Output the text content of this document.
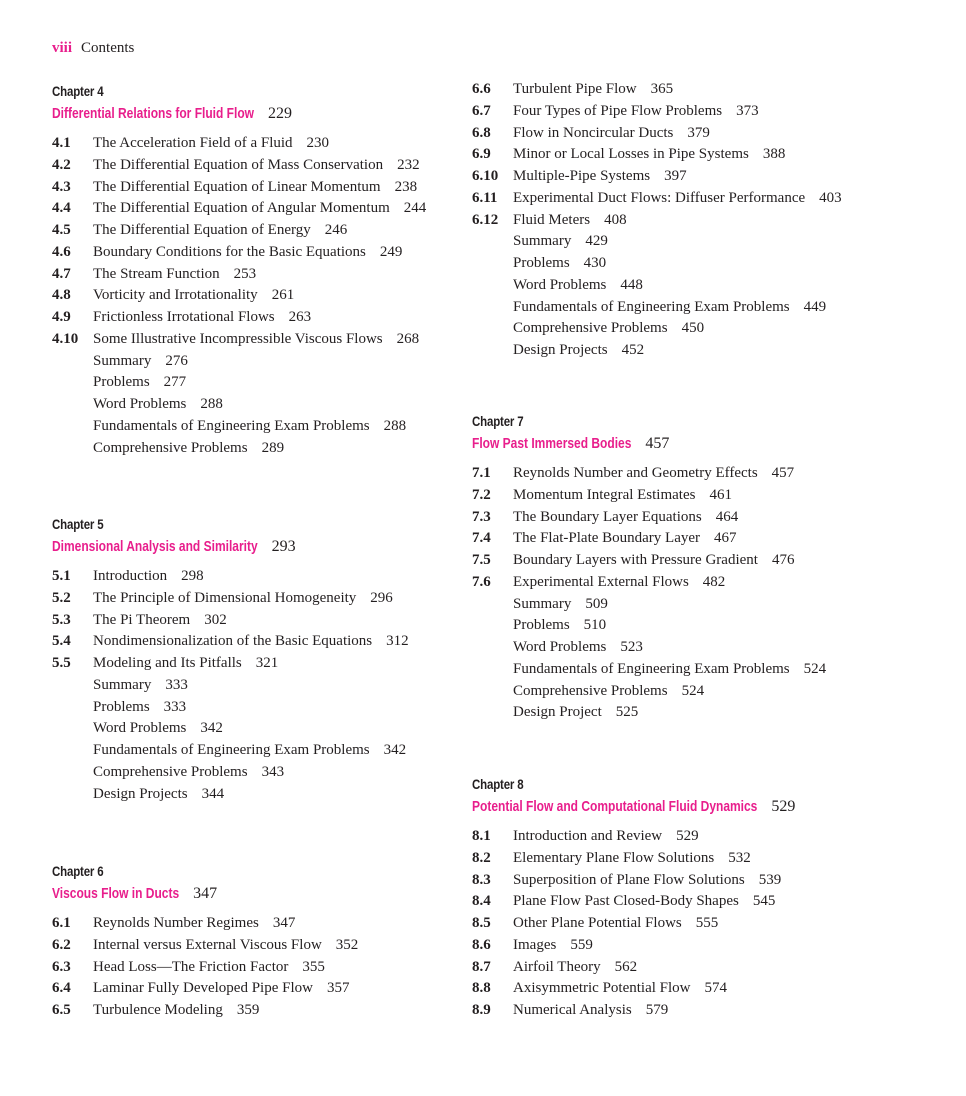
viii Contents
Chapter 4
Differential Relations for Fluid Flow 229
4.1 The Acceleration Field of a Fluid 230
4.2 The Differential Equation of Mass Conservation 232
4.3 The Differential Equation of Linear Momentum 238
4.4 The Differential Equation of Angular Momentum 244
4.5 The Differential Equation of Energy 246
4.6 Boundary Conditions for the Basic Equations 249
4.7 The Stream Function 253
4.8 Vorticity and Irrotationality 261
4.9 Frictionless Irrotational Flows 263
4.10 Some Illustrative Incompressible Viscous Flows 268
Summary 276
Problems 277
Word Problems 288
Fundamentals of Engineering Exam Problems 288
Comprehensive Problems 289
Chapter 5
Dimensional Analysis and Similarity 293
5.1 Introduction 298
5.2 The Principle of Dimensional Homogeneity 296
5.3 The Pi Theorem 302
5.4 Nondimensionalization of the Basic Equations 312
5.5 Modeling and Its Pitfalls 321
Summary 333
Problems 333
Word Problems 342
Fundamentals of Engineering Exam Problems 342
Comprehensive Problems 343
Design Projects 344
Chapter 6
Viscous Flow in Ducts 347
6.1 Reynolds Number Regimes 347
6.2 Internal versus External Viscous Flow 352
6.3 Head Loss—The Friction Factor 355
6.4 Laminar Fully Developed Pipe Flow 357
6.5 Turbulence Modeling 359
6.6 Turbulent Pipe Flow 365
6.7 Four Types of Pipe Flow Problems 373
6.8 Flow in Noncircular Ducts 379
6.9 Minor or Local Losses in Pipe Systems 388
6.10 Multiple-Pipe Systems 397
6.11 Experimental Duct Flows: Diffuser Performance 403
6.12 Fluid Meters 408
Summary 429
Problems 430
Word Problems 448
Fundamentals of Engineering Exam Problems 449
Comprehensive Problems 450
Design Projects 452
Chapter 7
Flow Past Immersed Bodies 457
7.1 Reynolds Number and Geometry Effects 457
7.2 Momentum Integral Estimates 461
7.3 The Boundary Layer Equations 464
7.4 The Flat-Plate Boundary Layer 467
7.5 Boundary Layers with Pressure Gradient 476
7.6 Experimental External Flows 482
Summary 509
Problems 510
Word Problems 523
Fundamentals of Engineering Exam Problems 524
Comprehensive Problems 524
Design Project 525
Chapter 8
Potential Flow and Computational Fluid Dynamics 529
8.1 Introduction and Review 529
8.2 Elementary Plane Flow Solutions 532
8.3 Superposition of Plane Flow Solutions 539
8.4 Plane Flow Past Closed-Body Shapes 545
8.5 Other Plane Potential Flows 555
8.6 Images 559
8.7 Airfoil Theory 562
8.8 Axisymmetric Potential Flow 574
8.9 Numerical Analysis 579
